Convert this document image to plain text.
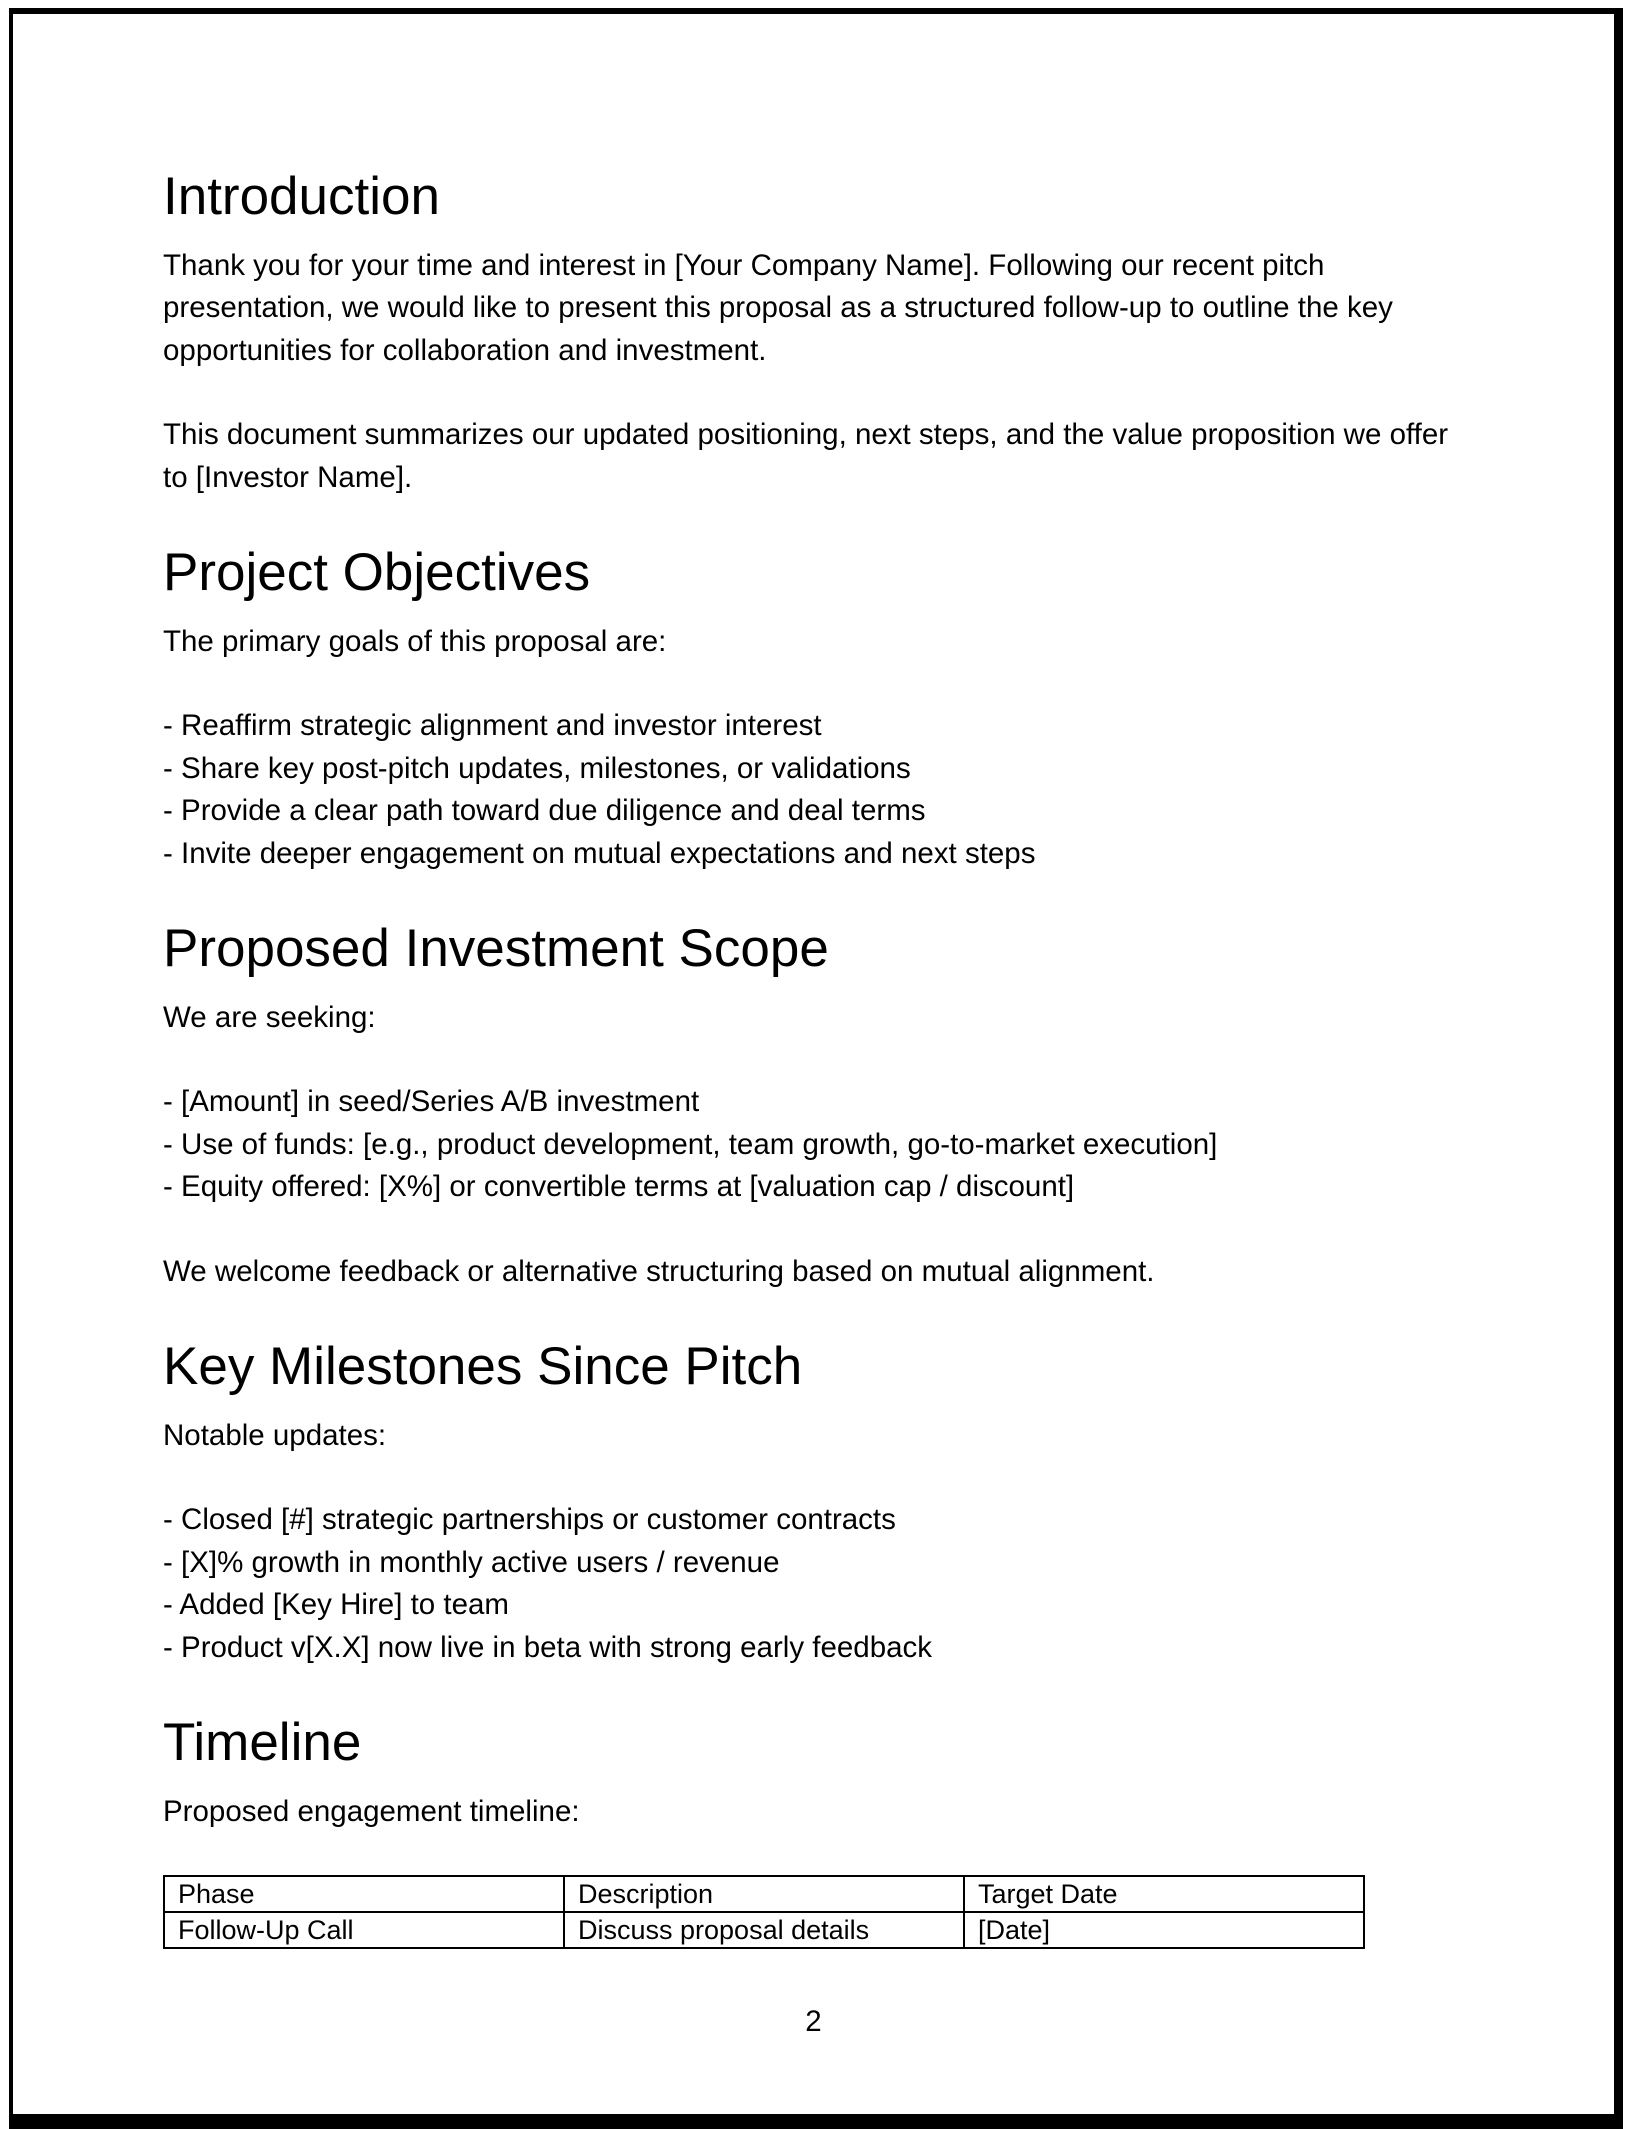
Introduction

Thank you for your time and interest in [Your Company Name]. Following our recent pitch presentation, we would like to present this proposal as a structured follow-up to outline the key opportunities for collaboration and investment.

This document summarizes our updated positioning, next steps, and the value proposition we offer to [Investor Name].

Project Objectives

The primary goals of this proposal are:

- Reaffirm strategic alignment and investor interest
- Share key post-pitch updates, milestones, or validations
- Provide a clear path toward due diligence and deal terms
- Invite deeper engagement on mutual expectations and next steps
Proposed Investment Scope

We are seeking:

- [Amount] in seed/Series A/B investment
- Use of funds: [e.g., product development, team growth, go-to-market execution]
- Equity offered: [X%] or convertible terms at [valuation cap / discount]

We welcome feedback or alternative structuring based on mutual alignment.

Key Milestones Since Pitch

Notable updates:

- Closed [#] strategic partnerships or customer contracts
- [X]% growth in monthly active users / revenue
- Added [Key Hire] to team
- Product v[X.X] now live in beta with strong early feedback
Timeline

Proposed engagement timeline:

Phase	Description	Target Date
Follow-Up Call	Discuss proposal details	[Date]
2
